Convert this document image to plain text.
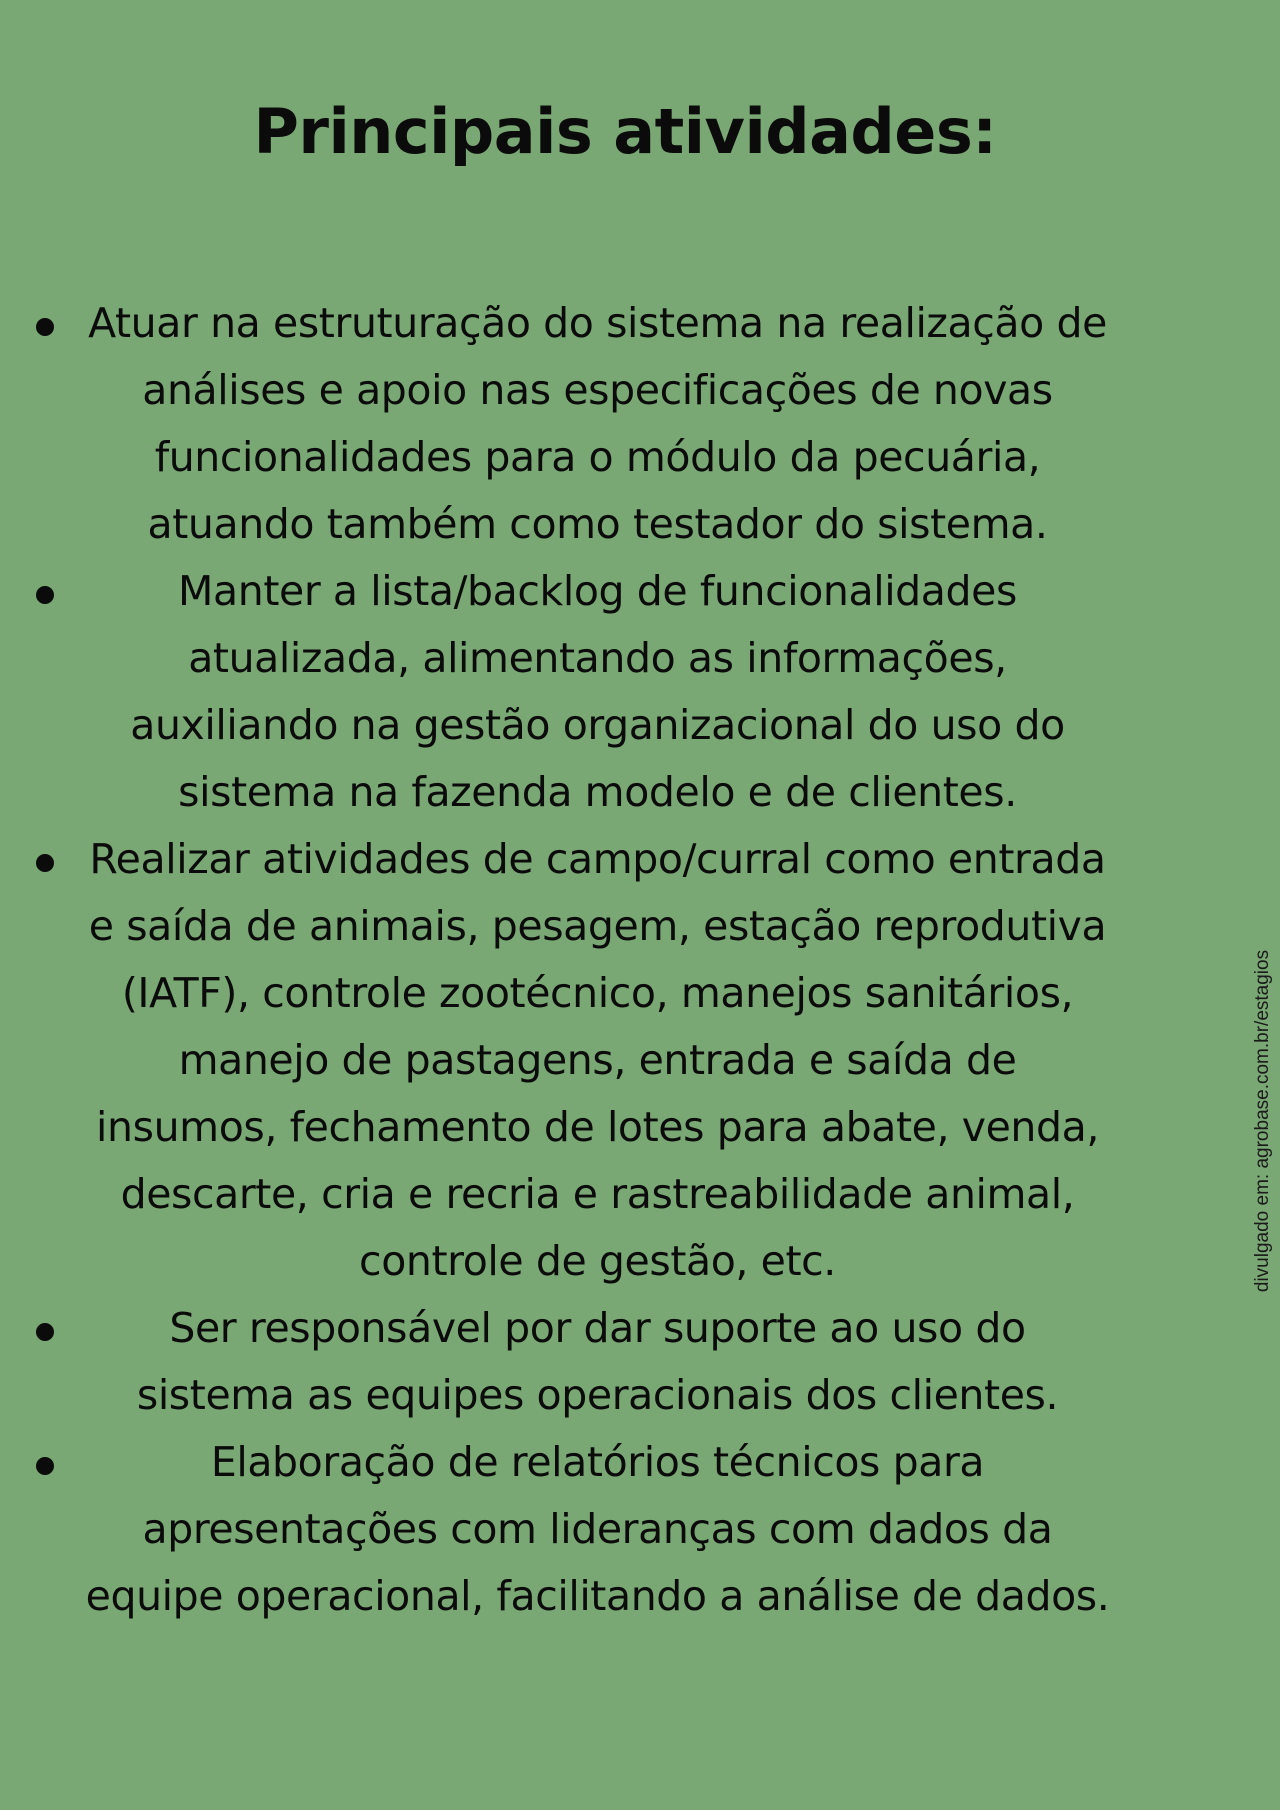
Principais atividades:
Atuar na estruturação do sistema na realização de análises e apoio nas especificações de novas funcionalidades para o módulo da pecuária, atuando também como testador do sistema.
Manter a lista/backlog de funcionalidades atualizada, alimentando as informações, auxiliando na gestão organizacional do uso do sistema na fazenda modelo e de clientes.
Realizar atividades de campo/curral como entrada e saída de animais, pesagem, estação reprodutiva (IATF), controle zootécnico, manejos sanitários, manejo de pastagens, entrada e saída de insumos, fechamento de lotes para abate, venda, descarte, cria e recria e rastreabilidade animal, controle de gestão, etc.
Ser responsável por dar suporte ao uso do sistema as equipes operacionais dos clientes.
Elaboração de relatórios técnicos para apresentações com lideranças com dados da equipe operacional, facilitando a análise de dados.
divulgado em: agrobase.com.br/estagios
